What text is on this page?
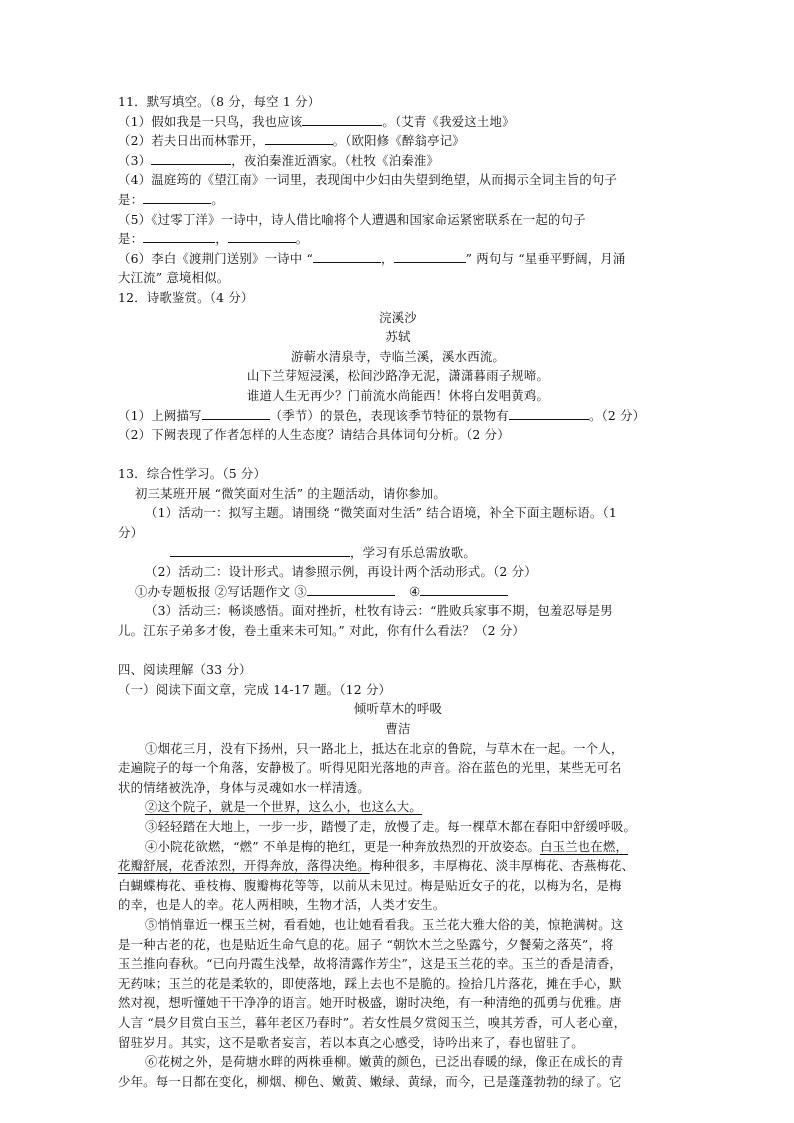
11．默写填空。（8 分，每空 1 分）
（1）假如我是一只鸟，我也应该	。（艾青《我爱这土地》
（2）若夫日出而林霏开，	。（欧阳修《醉翁亭记》
（3）	，夜泊秦淮近酒家。（杜牧《泊秦淮》
（4）温庭筠的《望江南》一词里，表现闺中少妇由失望到绝望，从而揭示全词主旨的句子
是：	。
（5）《过零丁洋》一诗中，诗人借比喻将个人遭遇和国家命运紧密联系在一起的句子
是：	，	。
（6）李白《渡荆门送别》一诗中 “	，	” 两句与 “星垂平野阔，月涌
大江流” 意境相似。
12．诗歌鉴赏。（4 分）
浣溪沙
苏轼
游蕲水清泉寺，寺临兰溪，溪水西流。
山下兰芽短浸溪，松间沙路净无泥，潇潇暮雨子规啼。
谁道人生无再少？门前流水尚能西！休将白发唱黄鸡。
（1）上阙描写	（季节）的景色，表现该季节特征的景物有	。（2 分）
（2）下阙表现了作者怎样的人生态度？请结合具体词句分析。（2 分）
13．综合性学习。（5 分）
初三某班开展 “微笑面对生活” 的主题活动，请你参加。
（1）活动一：拟写主题。请围绕 “微笑面对生活” 结合语境，补全下面主题标语。（1
分）
，学习有乐总需放歌。
（2）活动二：设计形式。请参照示例，再设计两个活动形式。（2 分）
①办专题板报 ②写话题作文 ③	④
（3）活动三：畅谈感悟。面对挫折，杜牧有诗云：“胜败兵家事不期，包羞忍辱是男
儿。江东子弟多才俊，卷土重来未可知。” 对此，你有什么看法？（2 分）
四、阅读理解（33 分）
（一）阅读下面文章，完成 14-17 题。（12 分）
倾听草木的呼吸
曹洁
①烟花三月，没有下扬州，只一路北上，抵达在北京的鲁院，与草木在一起。一个人，
走遍院子的每一个角落，安静极了。听得见阳光落地的声音。浴在蓝色的光里，某些无可名
状的情绪被洗净，身体与灵魂如水一样清透。
②这个院子，就是一个世界，这么小，也这么大。
③轻轻踏在大地上，一步一步，踏慢了走，放慢了走。每一棵草木都在春阳中舒缓呼吸。
④小院花欲燃，“燃” 不单是梅的艳红，更是一种奔放热烈的开放姿态。白玉兰也在燃，
花瓣舒展，花香浓烈，开得奔放，落得决绝。梅种很多，丰厚梅花、淡丰厚梅花、杏燕梅花、
白蝴蝶梅花、垂枝梅、腹瓣梅花等等，以前从未见过。梅是贴近女子的花，以梅为名，是梅
的幸，也是人的幸。花人两相映，生物才活，人类才安生。
⑤悄悄靠近一棵玉兰树，看看她，也让她看看我。玉兰花大雅大俗的美，惊艳满树。这
是一种古老的花，也是贴近生命气息的花。屈子 “朝饮木兰之坠露兮，夕餐菊之落英”，将
玉兰推向春秋。“已向丹霞生浅晕，故将清露作芳尘”，这是玉兰花的幸。玉兰的香是清香，
无药味；玉兰的花是柔软的，即使落地，踩上去也不是脆的。捡拾几片落花，摊在手心，默
然对视，想听懂她干干净净的语言。她开时极盛，谢时决绝，有一种清绝的孤勇与优雅。唐
人言 “晨夕目赏白玉兰，暮年老区乃春时”。若女性晨夕赏阅玉兰，嗅其芳香，可人老心童，
留驻岁月。其实，这不是歌者妄言，若以本真之心感受，诗吟出来了，春也留驻了。
⑥花树之外，是荷塘水畔的两株垂柳。嫩黄的颜色，已泛出春暖的绿，像正在成长的青
少年。每一日都在变化，柳烟、柳色、嫩黄、嫩绿、黄绿，而今，已是蓬蓬勃勃的绿了。它
